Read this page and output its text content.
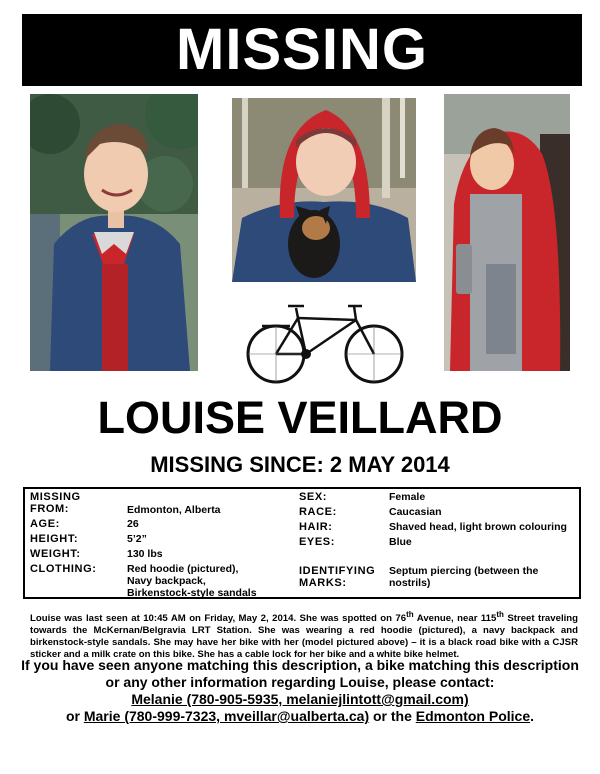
MISSING
LOUISE VEILLARD
MISSING SINCE: 2 MAY 2014
MISSING
FROM:	Edmonton, Alberta
AGE:	26
HEIGHT:	5’2”
WEIGHT:	130 lbs
CLOTHING:	Red hoodie (pictured),
Navy backpack,
Birkenstock-style sandals
SEX:	Female
RACE:	Caucasian
HAIR:	Shaved head, light brown colouring
EYES:	Blue
IDENTIFYING
MARKS:
Septum piercing (between the
nostrils)
Louise was last seen at 10:45 AM on Friday, May 2, 2014. She was spotted on 76th Avenue, near 115th Street traveling towards the McKernan/Belgravia LRT Station. She was wearing a red hoodie (pictured), a navy backpack and birkenstock-style sandals. She may have her bike with her (model pictured above) – it is a black road bike with a CJSR sticker and a milk crate on this bike. She has a cable lock for her bike and a white bike helmet.
If you have seen anyone matching this description, a bike matching this description
or any other information regarding Louise, please contact:
Melanie (780-905-5935, melaniejlintott@gmail.com)
or Marie (780-999-7323, mveillar@ualberta.ca) or the Edmonton Police.
